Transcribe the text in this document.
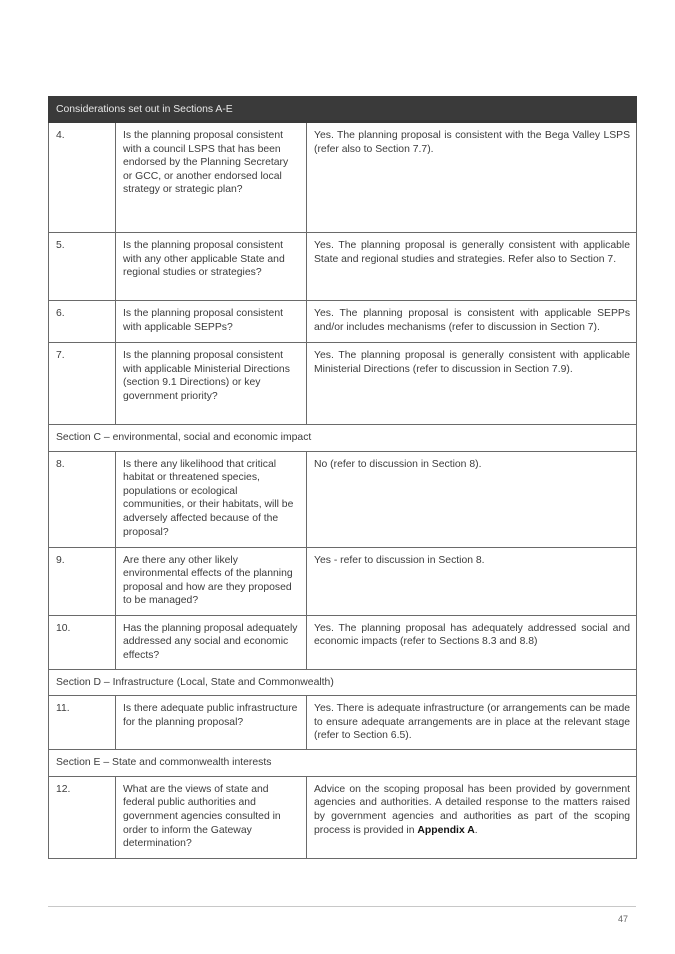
Considerations set out in Sections A-E		
4.	Is the planning proposal consistent with a council LSPS that has been endorsed by the Planning Secretary or GCC, or another endorsed local strategy or strategic plan?	Yes. The planning proposal is consistent with the Bega Valley LSPS (refer also to Section 7.7).
5.	Is the planning proposal consistent with any other applicable State and regional studies or strategies?	Yes. The planning proposal is generally consistent with applicable State and regional studies and strategies. Refer also to Section 7.
6.	Is the planning proposal consistent with applicable SEPPs?	Yes. The planning proposal is consistent with applicable SEPPs and/or includes mechanisms (refer to discussion in Section 7).
7.	Is the planning proposal consistent with applicable Ministerial Directions (section 9.1 Directions) or key government priority?	Yes. The planning proposal is generally consistent with applicable Ministerial Directions (refer to discussion in Section 7.9).
Section C – environmental, social and economic impact		
8.	Is there any likelihood that critical habitat or threatened species, populations or ecological communities, or their habitats, will be adversely affected because of the proposal?	No (refer to discussion in Section 8).
9.	Are there any other likely environmental effects of the planning proposal and how are they proposed to be managed?	Yes - refer to discussion in Section 8.
10.	Has the planning proposal adequately addressed any social and economic effects?	Yes. The planning proposal has adequately addressed social and economic impacts (refer to Sections 8.3 and 8.8)
Section D – Infrastructure (Local, State and Commonwealth)		
11.	Is there adequate public infrastructure for the planning proposal?	Yes. There is adequate infrastructure (or arrangements can be made to ensure adequate arrangements are in place at the relevant stage (refer to Section 6.5).
Section E – State and commonwealth interests		
12.	What are the views of state and federal public authorities and government agencies consulted in order to inform the Gateway determination?	Advice on the scoping proposal has been provided by government agencies and authorities. A detailed response to the matters raised by government agencies and authorities as part of the scoping process is provided in Appendix A.
47
